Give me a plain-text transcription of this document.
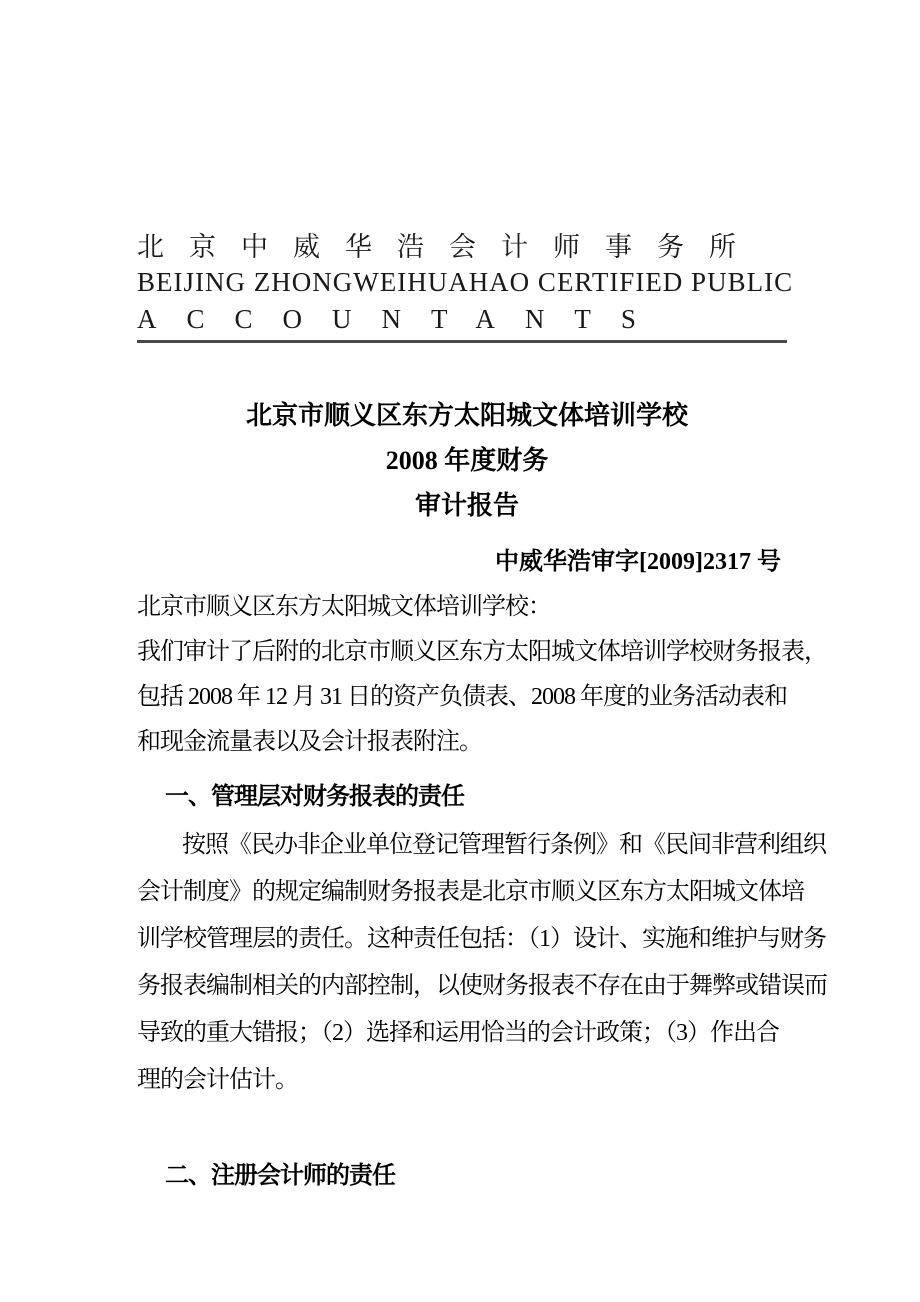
北京中威华浩会计师事务所
BEIJING ZHONGWEIHUAHAO CERTIFIED PUBLIC
ACCOUNTANTS
北京市顺义区东方太阳城文体培训学校
2008 年度财务
审计报告
中威华浩审字[2009]2317 号
北京市顺义区东方太阳城文体培训学校：
我们审计了后附的北京市顺义区东方太阳城文体培训学校财务报表，
包括 2008 年 12 月 31 日的资产负债表、2008 年度的业务活动表和
和现金流量表以及会计报表附注。
一、管理层对财务报表的责任
按照《民办非企业单位登记管理暂行条例》和《民间非营利组织
会计制度》的规定编制财务报表是北京市顺义区东方太阳城文体培
训学校管理层的责任。这种责任包括：（1）设计、实施和维护与财务
务报表编制相关的内部控制，以使财务报表不存在由于舞弊或错误而
导致的重大错报；（2）选择和运用恰当的会计政策；（3）作出合
理的会计估计。
二、注册会计师的责任
